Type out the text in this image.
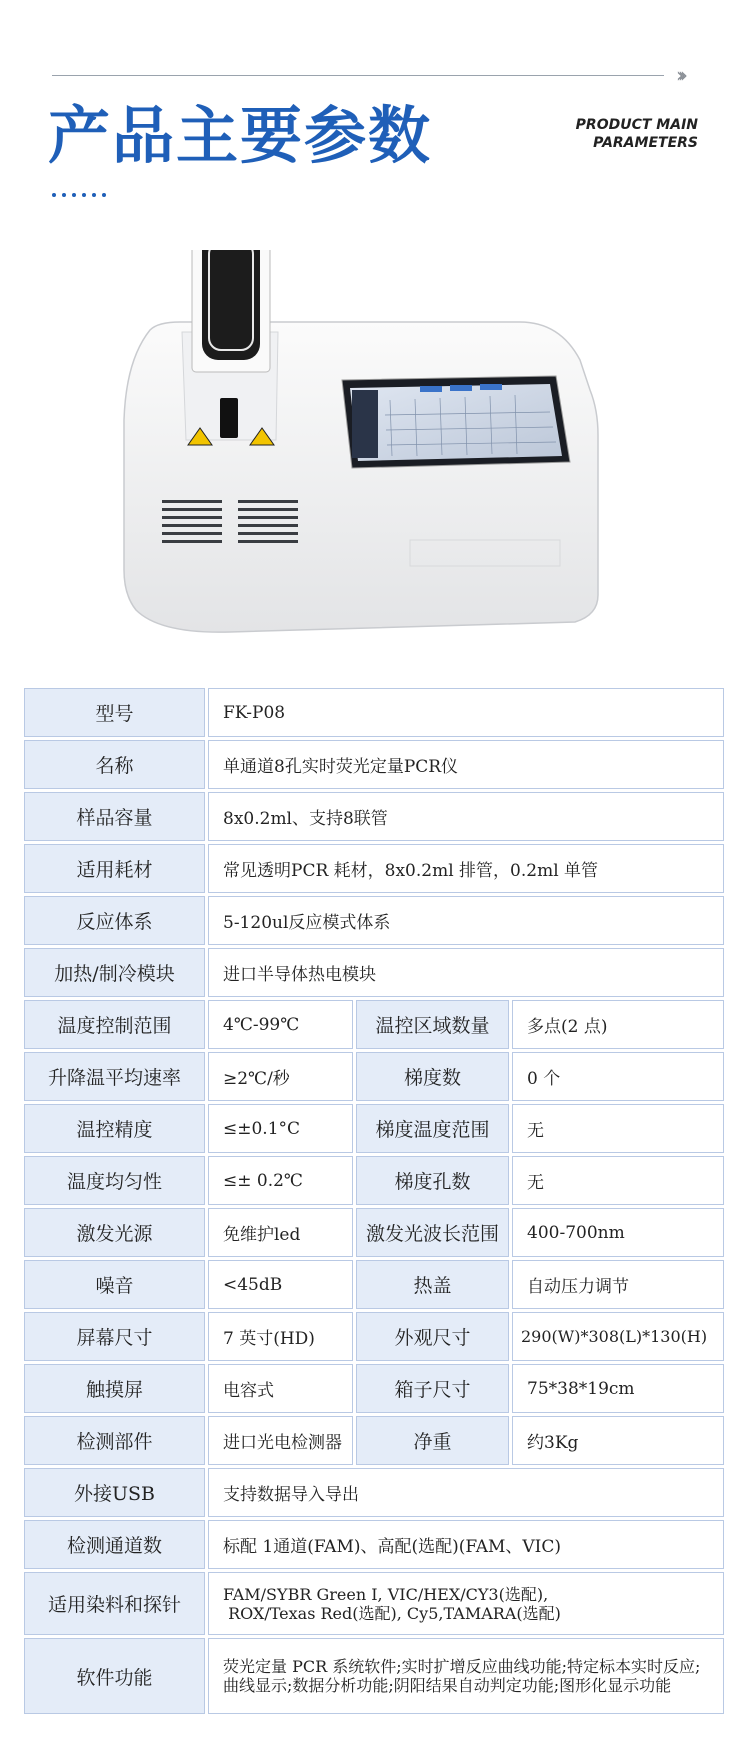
›››
产品主要参数	PRODUCT MAIN
PARAMETERS
型号	FK-P08
名称	单通道8孔实时荧光定量PCR仪
样品容量	8x0.2ml、支持8联管
适用耗材	常见透明PCR 耗材，8x0.2ml 排管，0.2ml 单管
反应体系	5-120ul反应模式体系
加热/制冷模块	进口半导体热电模块
温度控制范围	4℃-99℃	温控区域数量	多点(2 点)
升降温平均速率	≥2℃/秒	梯度数	0 个
温控精度	≤±0.1°C	梯度温度范围	无
温度均匀性	≤± 0.2℃	梯度孔数	无
激发光源	免维护led	激发光波长范围	400-700nm
噪音	<45dB	热盖	自动压力调节
屏幕尺寸	7 英寸(HD)	外观尺寸	290(W)*308(L)*130(H)
触摸屏	电容式	箱子尺寸	75*38*19cm
检测部件	进口光电检测器	净重	约3Kg
外接USB	支持数据导入导出
检测通道数	标配 1通道(FAM)、高配(选配)(FAM、VIC)
适用染料和探针	FAM/SYBR Green I, VIC/HEX/CY3(选配),
ROX/Texas Red(选配), Cy5,TAMARA(选配)
软件功能	荧光定量 PCR 系统软件;实时扩增反应曲线功能;特定标本实时反应;曲线显示;数据分析功能;阴阳结果自动判定功能;图形化显示功能
